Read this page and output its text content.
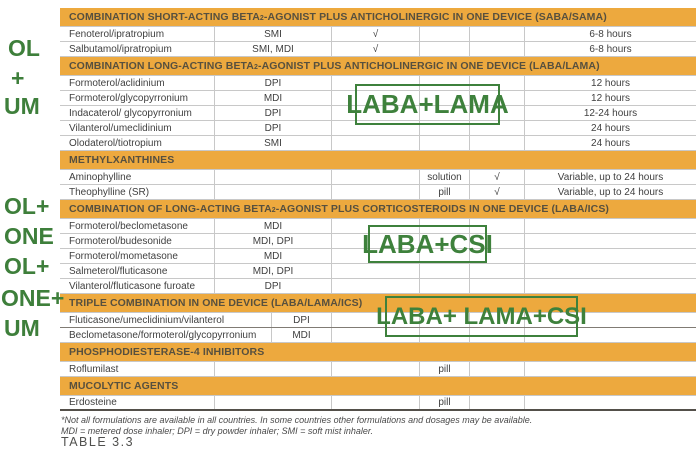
COMBINATION SHORT-ACTING $BETA_2$ -AGONIST PLUS ANTICHOLINERGIC IN ONE DEVICE (SABA/SAMA)
Fenoterol/ipratropium	SMI	√	6-8 hours
Salbutamol/ipratropium	SMI, MDI	√	6-8 hours
COMBINATION LONG-ACTING $BETA_2$ -AGONIST PLUS ANTICHOLINERGIC IN ONE DEVICE (LABA/LAMA)
Formoterol/aclidinium	DPI	12 hours
Formoterol/glycopyrronium	MDI	12 hours
Indacaterol/ glycopyrronium	DPI	12-24 hours
Vilanterol/umeclidinium	DPI	24 hours
Olodaterol/tiotropium	SMI	24 hours
METHYLXANTHINES
Aminophylline	solution	√	Variable, up to 24 hours
Theophylline (SR)	pill	√	Variable, up to 24 hours
COMBINATION OF LONG-ACTING $BETA_2$ -AGONIST PLUS CORTICOSTEROIDS IN ONE DEVICE (LABA/ICS)
Formoterol/beclometasone	MDI
Formoterol/budesonide	MDI, DPI
Formoterol/mometasone	MDI
Salmeterol/fluticasone	MDI, DPI
Vilanterol/fluticasone furoate	DPI
TRIPLE COMBINATION IN ONE DEVICE (LABA/LAMA/ICS)
Fluticasone/umeclidinium/vilanterol	DPI
Beclometasone/formoterol/glycopyrronium	MDI
PHOSPHODIESTERASE-4 INHIBITORS
Roflumilast	pill
MUCOLYTIC AGENTS
Erdosteine	pill
OL
+
UM
OL+
ONE
OL+
ONE+
UM
LABA+LAMA
LABA+CSI
LABA+ LAMA+CSI
*Not all formulations are available in all countries. In some countries other formulations and dosages may be available.
MDI = metered dose inhaler; DPI = dry powder inhaler; SMI = soft mist inhaler.
TABLE 3.3
